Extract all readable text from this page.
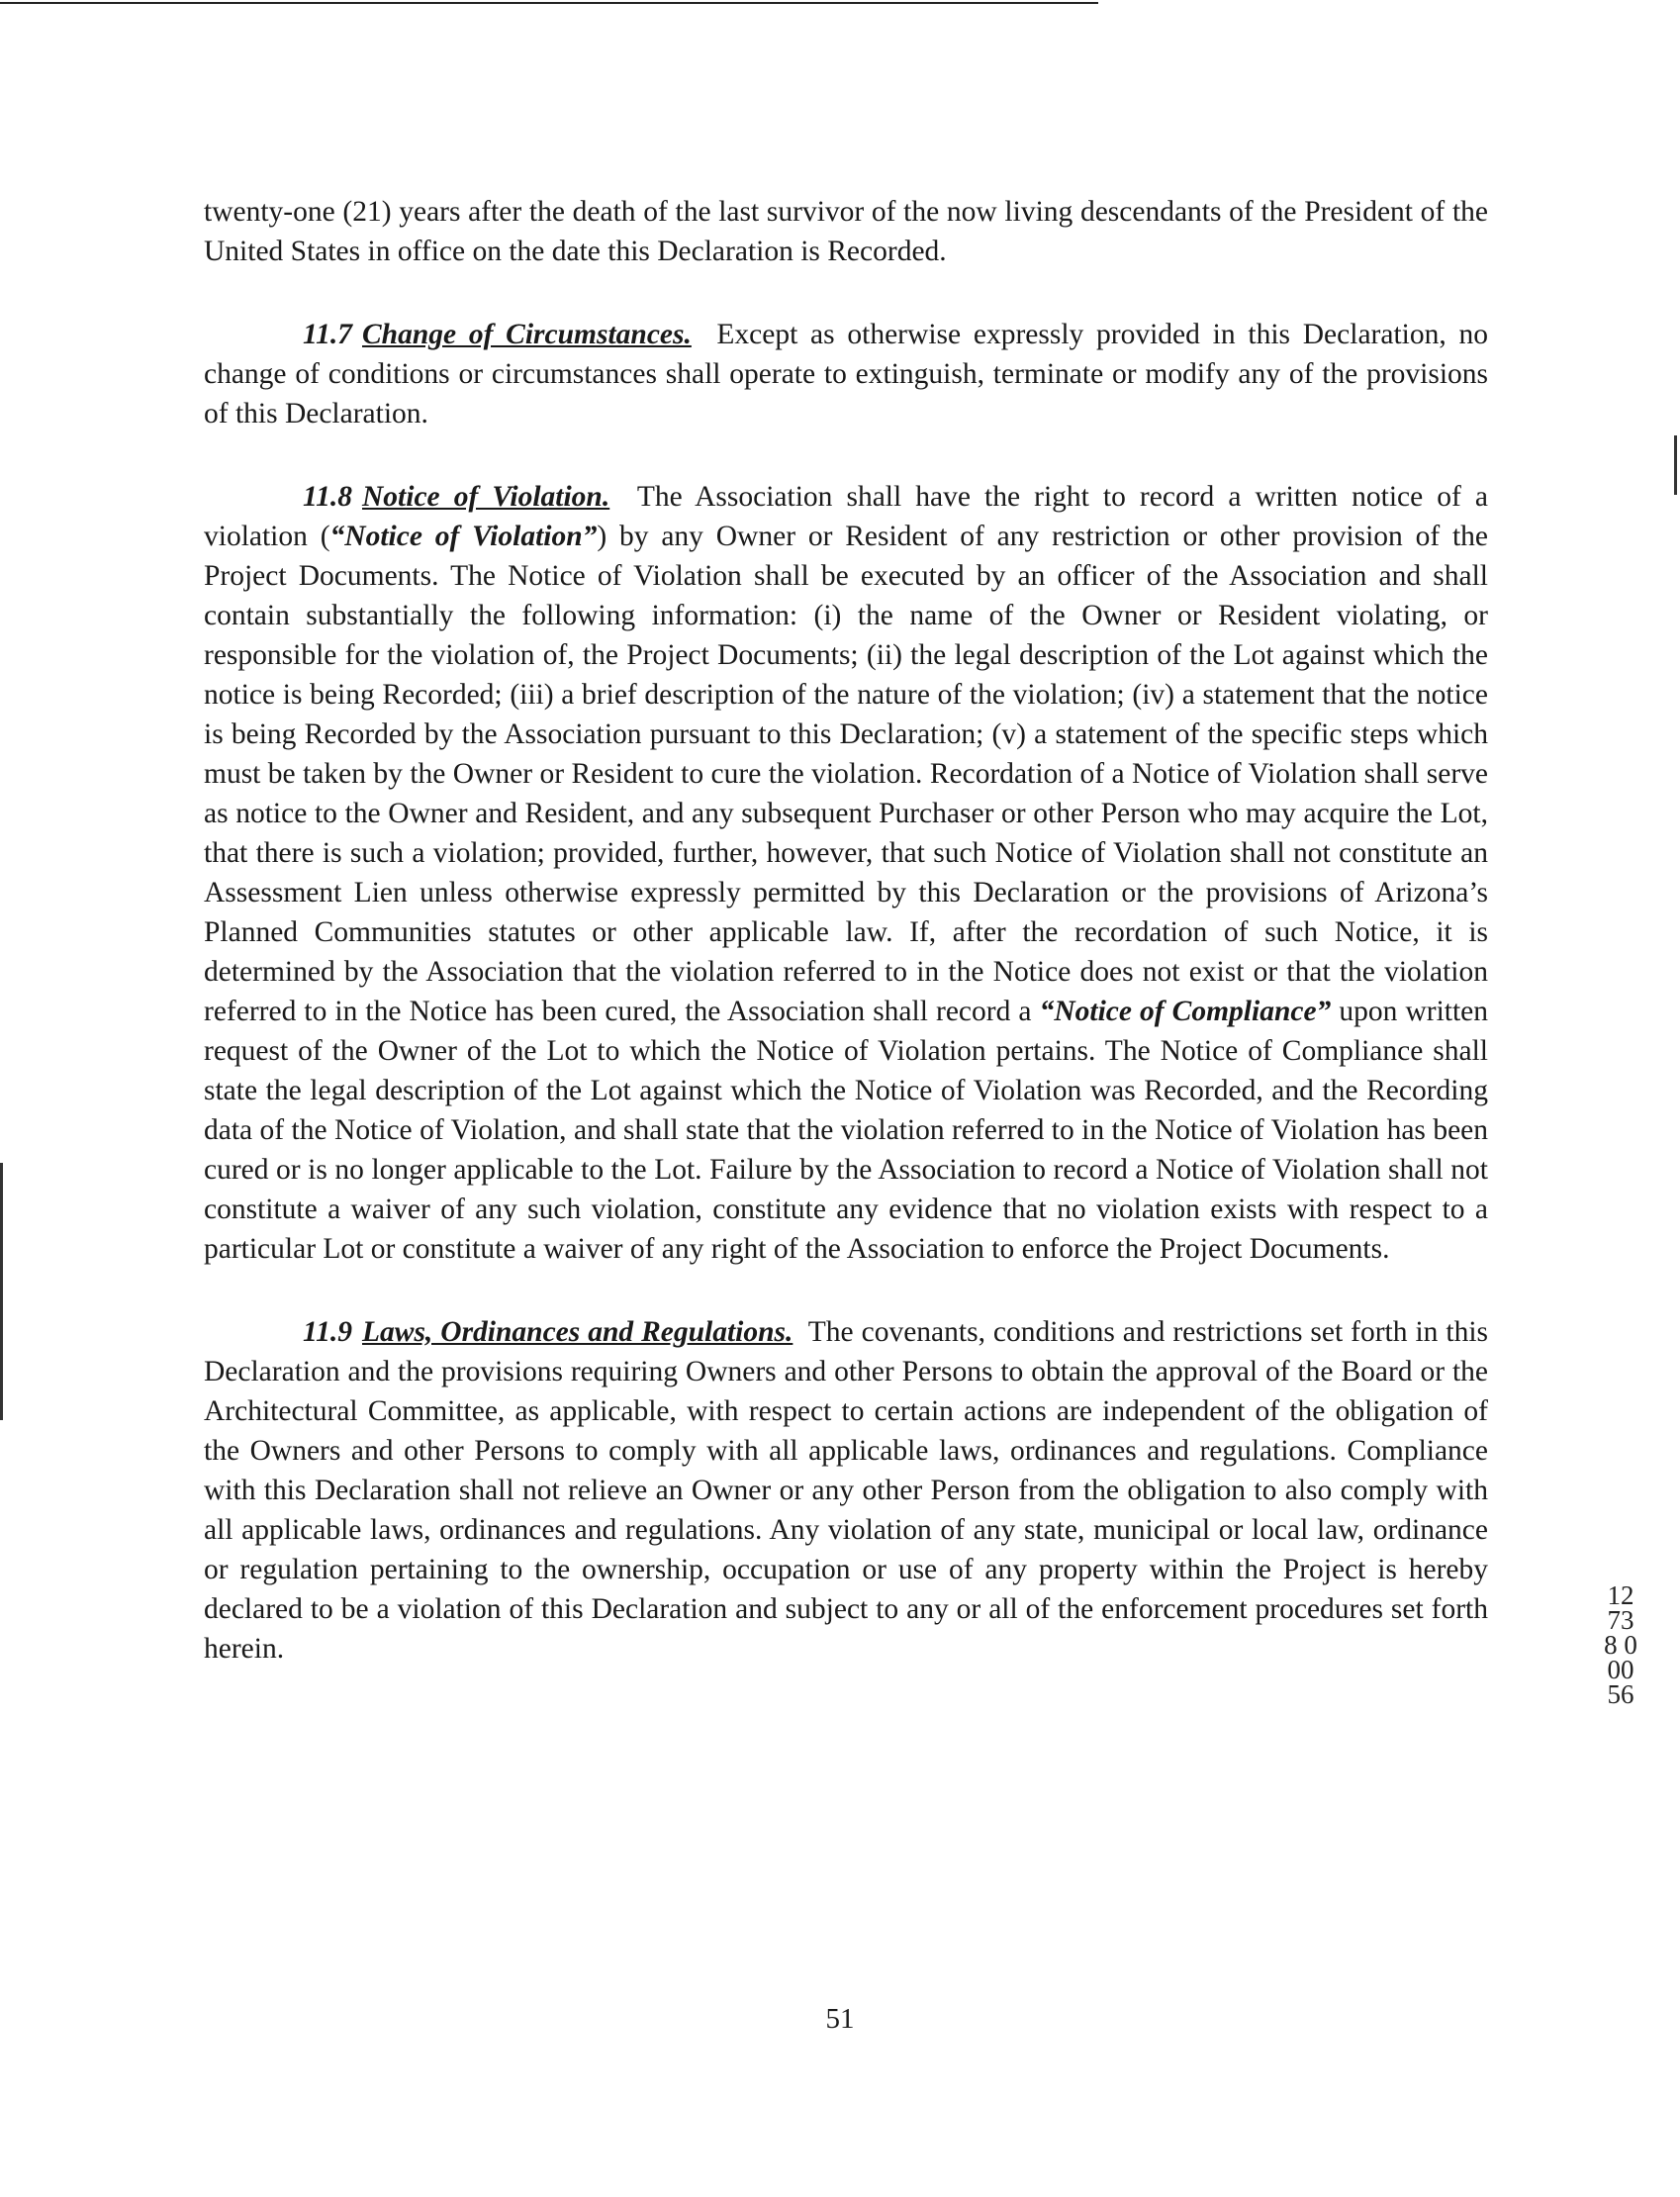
twenty-one (21) years after the death of the last survivor of the now living descendants of the President of the United States in office on the date this Declaration is Recorded.

11.7 Change of Circumstances. Except as otherwise expressly provided in this Declaration, no change of conditions or circumstances shall operate to extinguish, terminate or modify any of the provisions of this Declaration.

11.8 Notice of Violation. The Association shall have the right to record a written notice of a violation (“Notice of Violation”) by any Owner or Resident of any restriction or other provision of the Project Documents. The Notice of Violation shall be executed by an officer of the Association and shall contain substantially the following information: (i) the name of the Owner or Resident violating, or responsible for the violation of, the Project Documents; (ii) the legal description of the Lot against which the notice is being Recorded; (iii) a brief description of the nature of the violation; (iv) a statement that the notice is being Recorded by the Association pursuant to this Declaration; (v) a statement of the specific steps which must be taken by the Owner or Resident to cure the violation. Recordation of a Notice of Violation shall serve as notice to the Owner and Resident, and any subsequent Purchaser or other Person who may acquire the Lot, that there is such a violation; provided, further, however, that such Notice of Violation shall not constitute an Assessment Lien unless otherwise expressly permitted by this Declaration or the provisions of Arizona’s Planned Communities statutes or other applicable law. If, after the recordation of such Notice, it is determined by the Association that the violation referred to in the Notice does not exist or that the violation referred to in the Notice has been cured, the Association shall record a “Notice of Compliance” upon written request of the Owner of the Lot to which the Notice of Violation pertains. The Notice of Compliance shall state the legal description of the Lot against which the Notice of Violation was Recorded, and the Recording data of the Notice of Violation, and shall state that the violation referred to in the Notice of Violation has been cured or is no longer applicable to the Lot. Failure by the Association to record a Notice of Violation shall not constitute a waiver of any such violation, constitute any evidence that no violation exists with respect to a particular Lot or constitute a waiver of any right of the Association to enforce the Project Documents.

11.9 Laws, Ordinances and Regulations. The covenants, conditions and restrictions set forth in this Declaration and the provisions requiring Owners and other Persons to obtain the approval of the Board or the Architectural Committee, as applicable, with respect to certain actions are independent of the obligation of the Owners and other Persons to comply with all applicable laws, ordinances and regulations. Compliance with this Declaration shall not relieve an Owner or any other Person from the obligation to also comply with all applicable laws, ordinances and regulations. Any violation of any state, municipal or local law, ordinance or regulation pertaining to the ownership, occupation or use of any property within the Project is hereby declared to be a violation of this Declaration and subject to any or all of the enforcement procedures set forth herein.

12738 00056
51
